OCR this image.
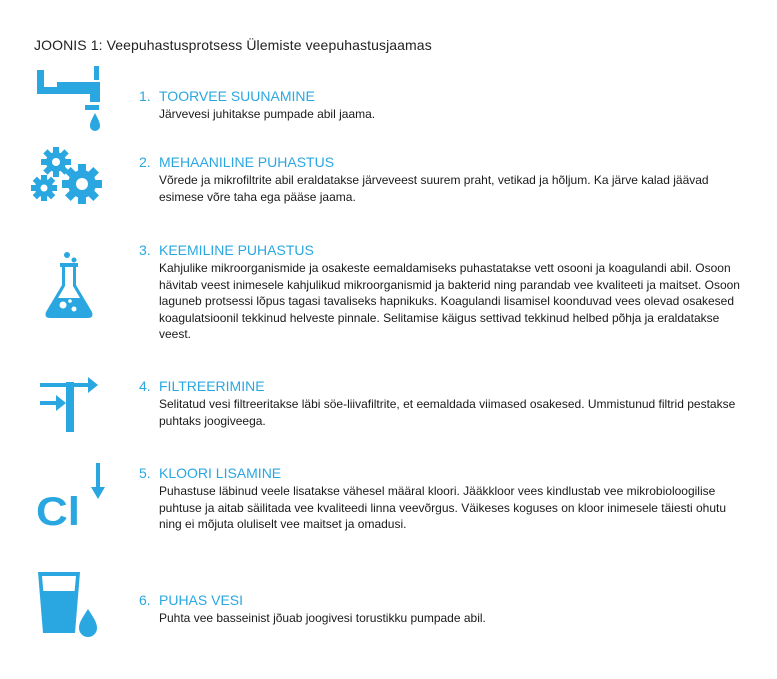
JOONIS 1: Veepuhastusprotsess Ülemiste veepuhastusjaamas
1. TOORVEE SUUNAMINE
Järvevesi juhitakse pumpade abil jaama.
2. MEHAANILINE PUHASTUS
Võrede ja mikrofiltrite abil eraldatakse järveveest suurem praht, vetikad ja hõljum. Ka järve kalad jäävad esimese võre taha ega pääse jaama.
3. KEEMILINE PUHASTUS
Kahjulike mikroorganismide ja osakeste eemaldamiseks puhastatakse vett osooni ja koagulandi abil. Osoon hävitab veest inimesele kahjulikud mikroorganismid ja bakterid ning parandab vee kvaliteeti ja maitset. Osoon laguneb protsessi lõpus tagasi tavaliseks hapnikuks. Koagulandi lisamisel koonduvad vees olevad osakesed koagulatsioonil tekkinud helveste pinnale. Selitamise käigus settivad tekkinud helbed põhja ja eraldatakse veest.
4. FILTREERIMINE
Selitatud vesi filtreeritakse läbi söe-liivafiltrite, et eemaldada viimased osakesed. Ummistunud filtrid pestakse puhtaks joogiveega.
Cl
5. KLOORI LISAMINE
Puhastuse läbinud veele lisatakse vähesel määral kloori. Jääkkloor vees kindlustab vee mikrobioloogilise puhtuse ja aitab säilitada vee kvaliteedi linna veevõrgus. Väikeses koguses on kloor inimesele täiesti ohutu ning ei mõjuta oluliselt vee maitset ja omadusi.
6. PUHAS VESI
Puhta vee basseinist jõuab joogivesi torustikku pumpade abil.
